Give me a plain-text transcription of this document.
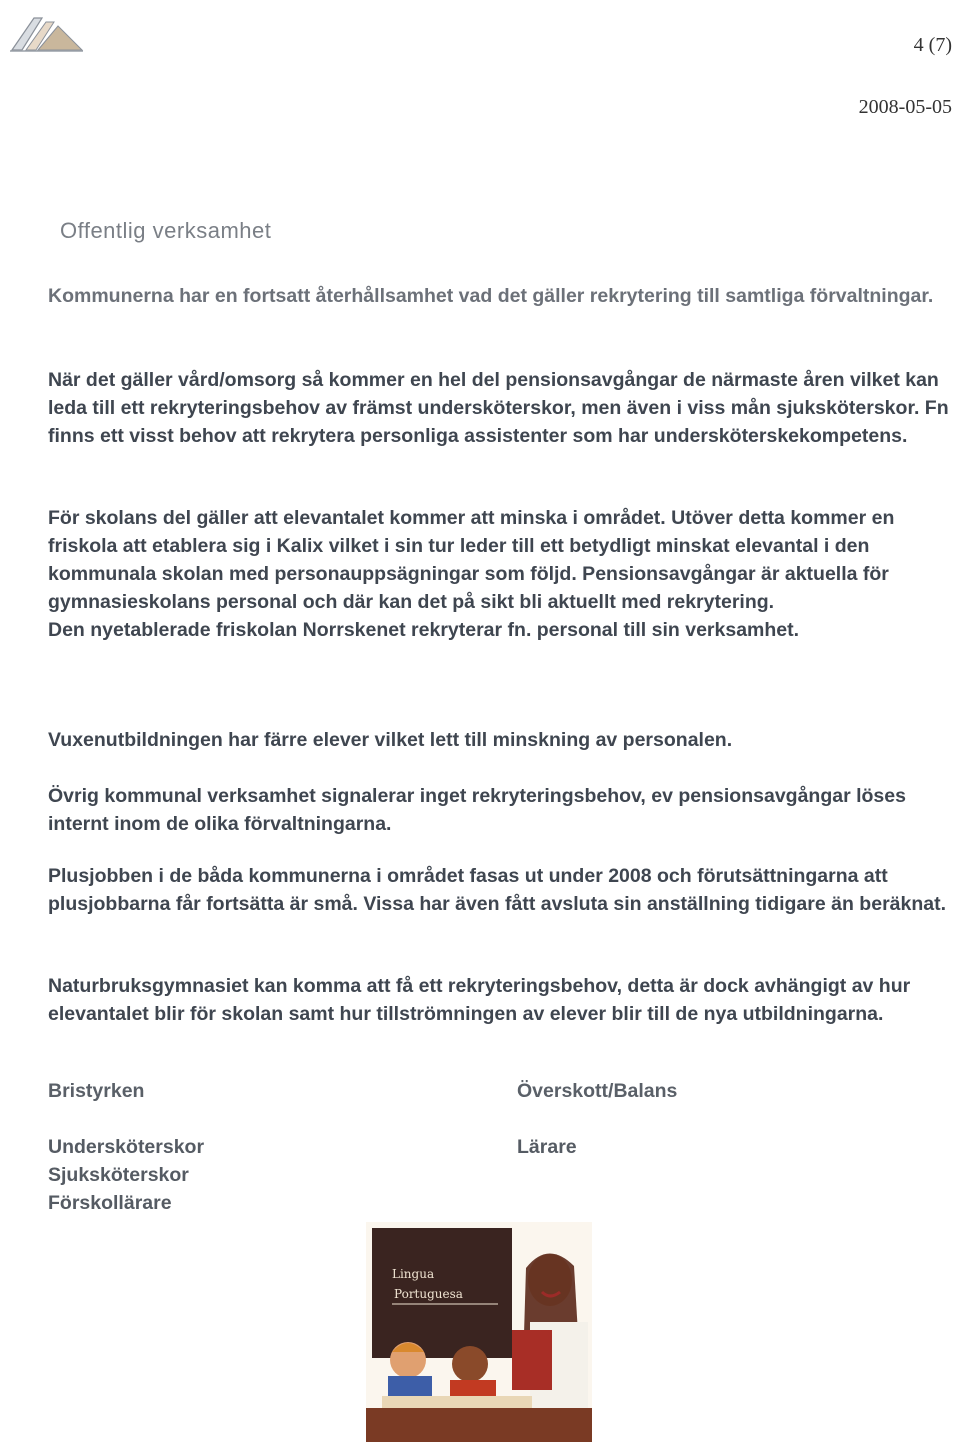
4 (7)
2008-05-05
Offentlig verksamhet

Kommunerna har en fortsatt återhållsamhet vad det gäller rekrytering till samtliga förvaltningar.

När det gäller vård/omsorg så kommer en hel del pensionsavgångar de närmaste åren vilket kan leda till ett rekryteringsbehov av främst undersköterskor, men även i viss mån sjuksköterskor. Fn finns ett visst behov att rekrytera personliga assistenter som har undersköterskekompetens.

För skolans del gäller att elevantalet kommer att minska i området. Utöver detta kommer en friskola att etablera sig i Kalix vilket i sin tur leder till ett betydligt minskat elevantal i den kommunala skolan med personauppsägningar som följd. Pensionsavgångar är aktuella för gymnasieskolans personal och där kan det på sikt bli aktuellt med rekrytering.
Den nyetablerade friskolan Norrskenet rekryterar fn. personal till sin verksamhet.

Vuxenutbildningen har färre elever vilket lett till minskning av personalen.

Övrig kommunal verksamhet signalerar inget rekryteringsbehov, ev pensionsavgångar löses internt inom de olika förvaltningarna.

Plusjobben i de båda kommunerna i området fasas ut under 2008 och förutsättningarna att plusjobbarna får fortsätta är små. Vissa har även fått avsluta sin anställning tidigare än beräknat.

Naturbruksgymnasiet kan komma att få ett rekryteringsbehov, detta är dock avhängigt av hur elevantalet blir för skolan samt hur tillströmningen av elever blir till de nya utbildningarna.

Bristyrken
Undersköterskor
Sjuksköterskor
Förskollärare
Överskott/Balans
Lärare
Lingua
Portuguesa
